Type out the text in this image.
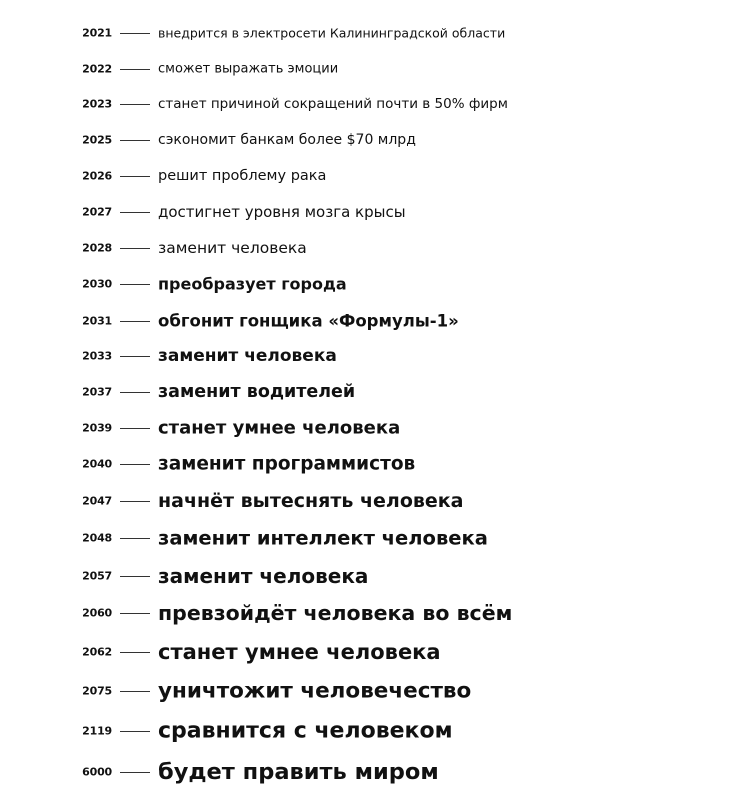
2021	внедрится в электросети Калининградской области
2022	сможет выражать эмоции
2023	станет причиной сокращений почти в 50% фирм
2025	сэкономит банкам более $70 млрд
2026	решит проблему рака
2027	достигнет уровня мозга крысы
2028	заменит человека
2030	преобразует города
2031	обгонит гонщика «Формулы-1»
2033	заменит человека
2037	заменит водителей
2039	станет умнее человека
2040 заменит программистов
2047 начнёт вытеснять человека
2048 заменит интеллект человека
2057 заменит человека
2060 превзойдёт человека во всём
2062 станет умнее человека
2075 уничтожит человечество
2119 сравнится с человеком
6000 будет править миром
